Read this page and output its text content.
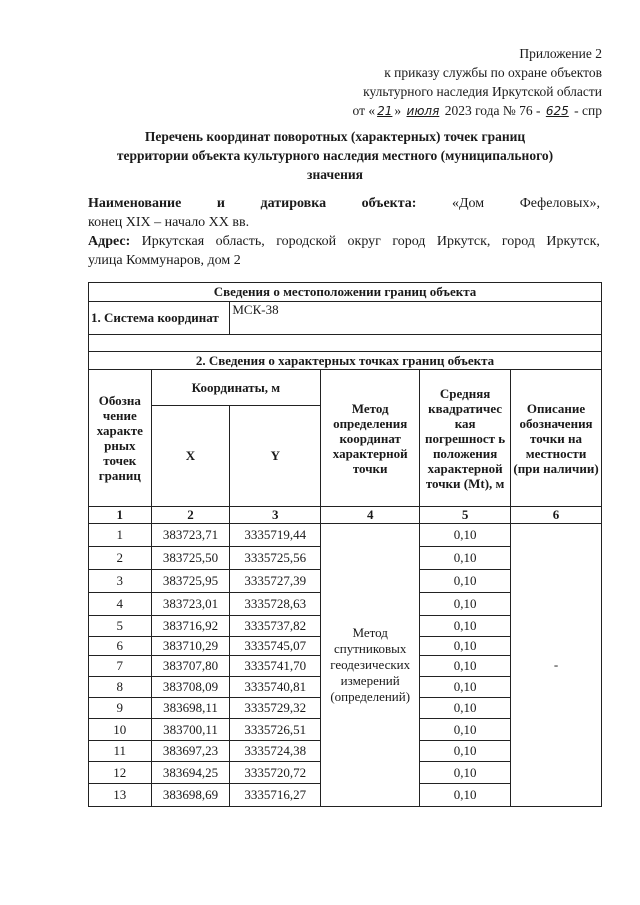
Приложение 2
к приказу службы по охране объектов
культурного наследия Иркутской области
от « 21 » июля 2023 года № 76 - 625 - спр
Перечень координат поворотных (характерных) точек границ
территории объекта культурного наследия местного (муниципального)
значения
Наименование	и	датировка	объекта:	«Дом	Фефеловых»,
конец XIX – начало XX вв.
Адрес: Иркутская область, городской округ город Иркутск, город Иркутск,
улица Коммунаров, дом 2
Сведения о местоположении границ объекта					
1. Система координат		МСК-38			

2. Сведения о характерных точках границ объекта					
Обозна чение характе рных точек границ	Координаты, м		Метод определения координат характерной точки	Средняя квадратичес кая погрешност ь положения характерной точки (Mt), м	Описание обозначения точки на местности (при наличии)
	X	Y			
1	2	3	4	5	6
1	383723,71	3335719,44	Метод спутниковых геодезических измерений (определений)	0,10	-
2	383725,50	3335725,56		0,10	
3	383725,95	3335727,39		0,10	
4	383723,01	3335728,63		0,10	
5	383716,92	3335737,82		0,10	
6	383710,29	3335745,07		0,10	
7	383707,80	3335741,70		0,10	
8	383708,09	3335740,81		0,10	
9	383698,11	3335729,32		0,10	
10	383700,11	3335726,51		0,10	
11	383697,23	3335724,38		0,10	
12	383694,25	3335720,72		0,10	
13	383698,69	3335716,27		0,10	
